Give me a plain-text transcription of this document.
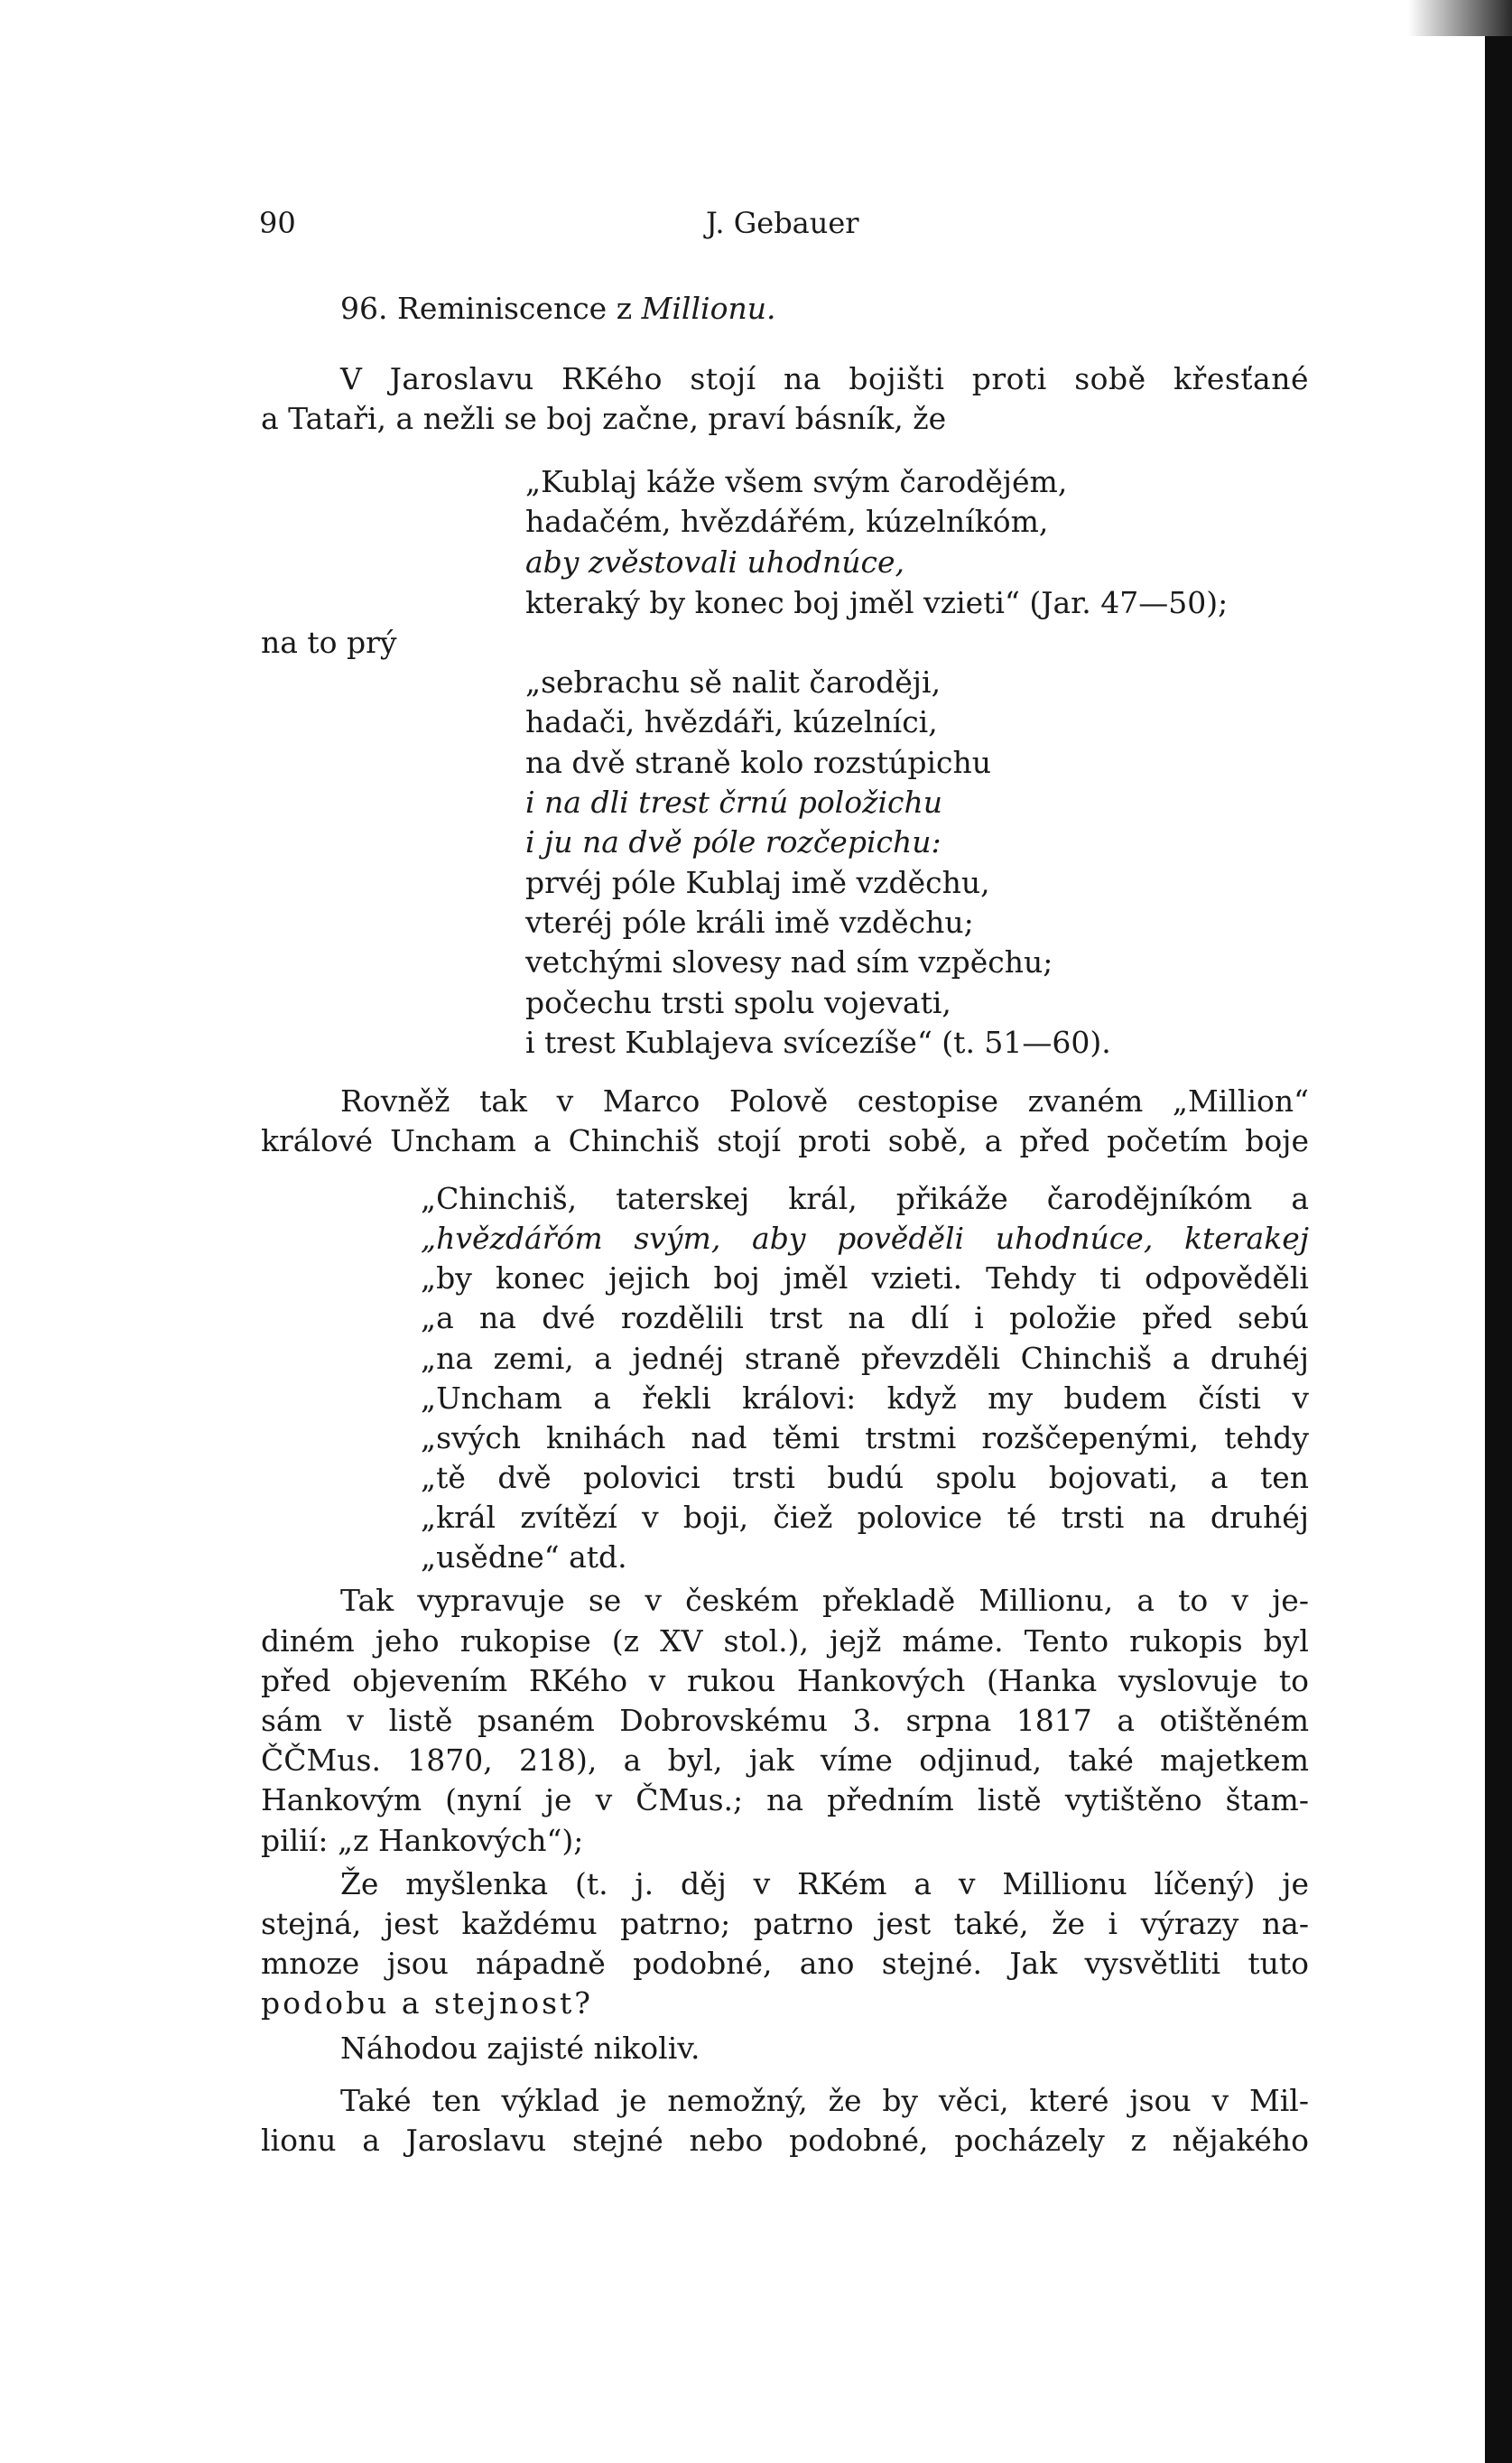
90	J. Gebauer

96. Reminiscence z Millionu.

V Jaroslavu RKého stojí na bojišti proti sobě křesťané

a Tataři, a nežli se boj začne, praví básník, že

„Kublaj káže všem svým čarodějém,

hadačém, hvězdářém, kúzelníkóm,

aby zvěstovali uhodnúce,

kteraký by konec boj jměl vzieti“ (Jar. 47—50);

na to prý

„sebrachu sě nalit čaroději,

hadači, hvězdáři, kúzelníci,

na dvě straně kolo rozstúpichu

i na dli trest črnú položichu

i ju na dvě póle rozčepichu:

prvéj póle Kublaj imě vzděchu,

vteréj póle králi imě vzděchu;

vetchými slovesy nad sím vzpěchu;

počechu trsti spolu vojevati,

i trest Kublajeva svícezíše“ (t. 51—60).

Rovněž tak v Marco Polově cestopise zvaném „Million“

králové Uncham a Chinchiš stojí proti sobě, a před početím boje

„Chinchiš, taterskej král, přikáže čarodějníkóm a

„hvězdářóm svým, aby pověděli uhodnúce, kterakej

„by konec jejich boj jměl vzieti. Tehdy ti odpověděli

„a na dvé rozdělili trst na dlí i položie před sebú

„na zemi, a jednéj straně převzděli Chinchiš a druhéj

„Uncham a řekli královi: když my budem čísti v

„svých knihách nad těmi trstmi rozščepenými, tehdy

„tě dvě polovici trsti budú spolu bojovati, a ten

„král zvítězí v boji, čiež polovice té trsti na druhéj

„usědne“ atd.

Tak vypravuje se v českém překladě Millionu, a to v je-

diném jeho rukopise (z XV stol.), jejž máme. Tento rukopis byl

před objevením RKého v rukou Hankových (Hanka vyslovuje to

sám v listě psaném Dobrovskému 3. srpna 1817 a otištěném

ČČMus. 1870, 218), a byl, jak víme odjinud, také majetkem

Hankovým (nyní je v ČMus.; na předním listě vytištěno štam-

pilií: „z Hankových“);

Že myšlenka (t. j. děj v RKém a v Millionu líčený) je

stejná, jest každému patrno; patrno jest také, že i výrazy na-

mnoze jsou nápadně podobné, ano stejné. Jak vysvětliti tuto

podobu a stejnost?

Náhodou zajisté nikoliv.

Také ten výklad je nemožný, že by věci, které jsou v Mil-

lionu a Jaroslavu stejné nebo podobné, pocházely z nějakého
